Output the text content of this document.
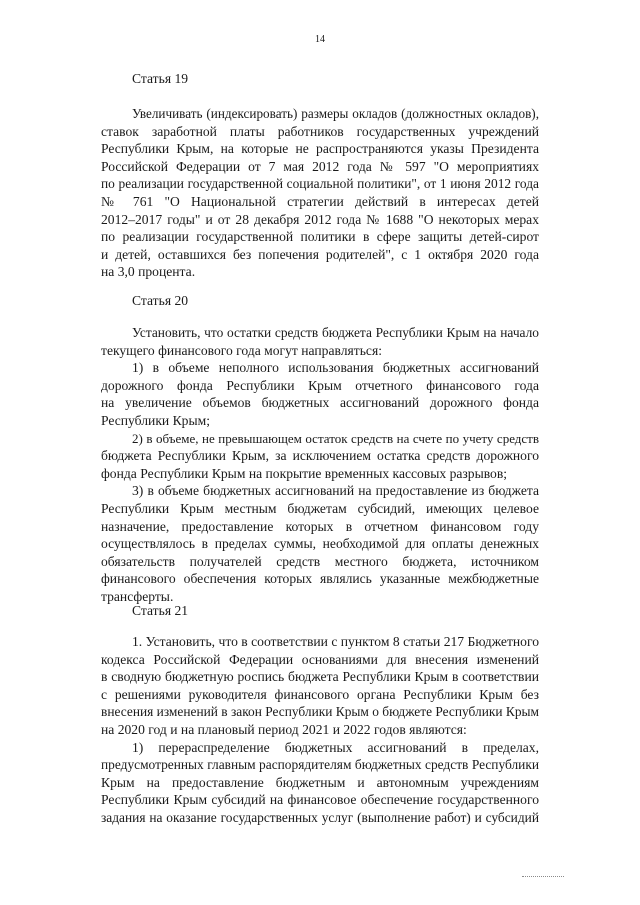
14
Статья 19
Увеличивать (индексировать) размеры окладов (должностных окладов),
ставок заработной платы работников государственных учреждений
Республики Крым, на которые не распространяются указы Президента
Российской Федерации от 7 мая 2012 года № 597 "О мероприятиях
по реализации государственной социальной политики", от 1 июня 2012 года
№ 761 "О Национальной стратегии действий в интересах детей
2012–2017 годы" и от 28 декабря 2012 года № 1688 "О некоторых мерах
по реализации государственной политики в сфере защиты детей-сирот
и детей, оставшихся без попечения родителей", с 1 октября 2020 года
на 3,0 процента.
Статья 20
Установить, что остатки средств бюджета Республики Крым на начало
текущего финансового года могут направляться:
1) в объеме неполного использования бюджетных ассигнований
дорожного фонда Республики Крым отчетного финансового года
на увеличение объемов бюджетных ассигнований дорожного фонда
Республики Крым;
2) в объеме, не превышающем остаток средств на счете по учету средств
бюджета Республики Крым, за исключением остатка средств дорожного
фонда Республики Крым на покрытие временных кассовых разрывов;
3) в объеме бюджетных ассигнований на предоставление из бюджета
Республики Крым местным бюджетам субсидий, имеющих целевое
назначение, предоставление которых в отчетном финансовом году
осуществлялось в пределах суммы, необходимой для оплаты денежных
обязательств получателей средств местного бюджета, источником
финансового обеспечения которых являлись указанные межбюджетные
трансферты.
Статья 21
1. Установить, что в соответствии с пунктом 8 статьи 217 Бюджетного
кодекса Российской Федерации основаниями для внесения изменений
в сводную бюджетную роспись бюджета Республики Крым в соответствии
с решениями руководителя финансового органа Республики Крым без
внесения изменений в закон Республики Крым о бюджете Республики Крым
на 2020 год и на плановый период 2021 и 2022 годов являются:
1) перераспределение бюджетных ассигнований в пределах,
предусмотренных главным распорядителям бюджетных средств Республики
Крым на предоставление бюджетным и автономным учреждениям
Республики Крым субсидий на финансовое обеспечение государственного
задания на оказание государственных услуг (выполнение работ) и субсидий
